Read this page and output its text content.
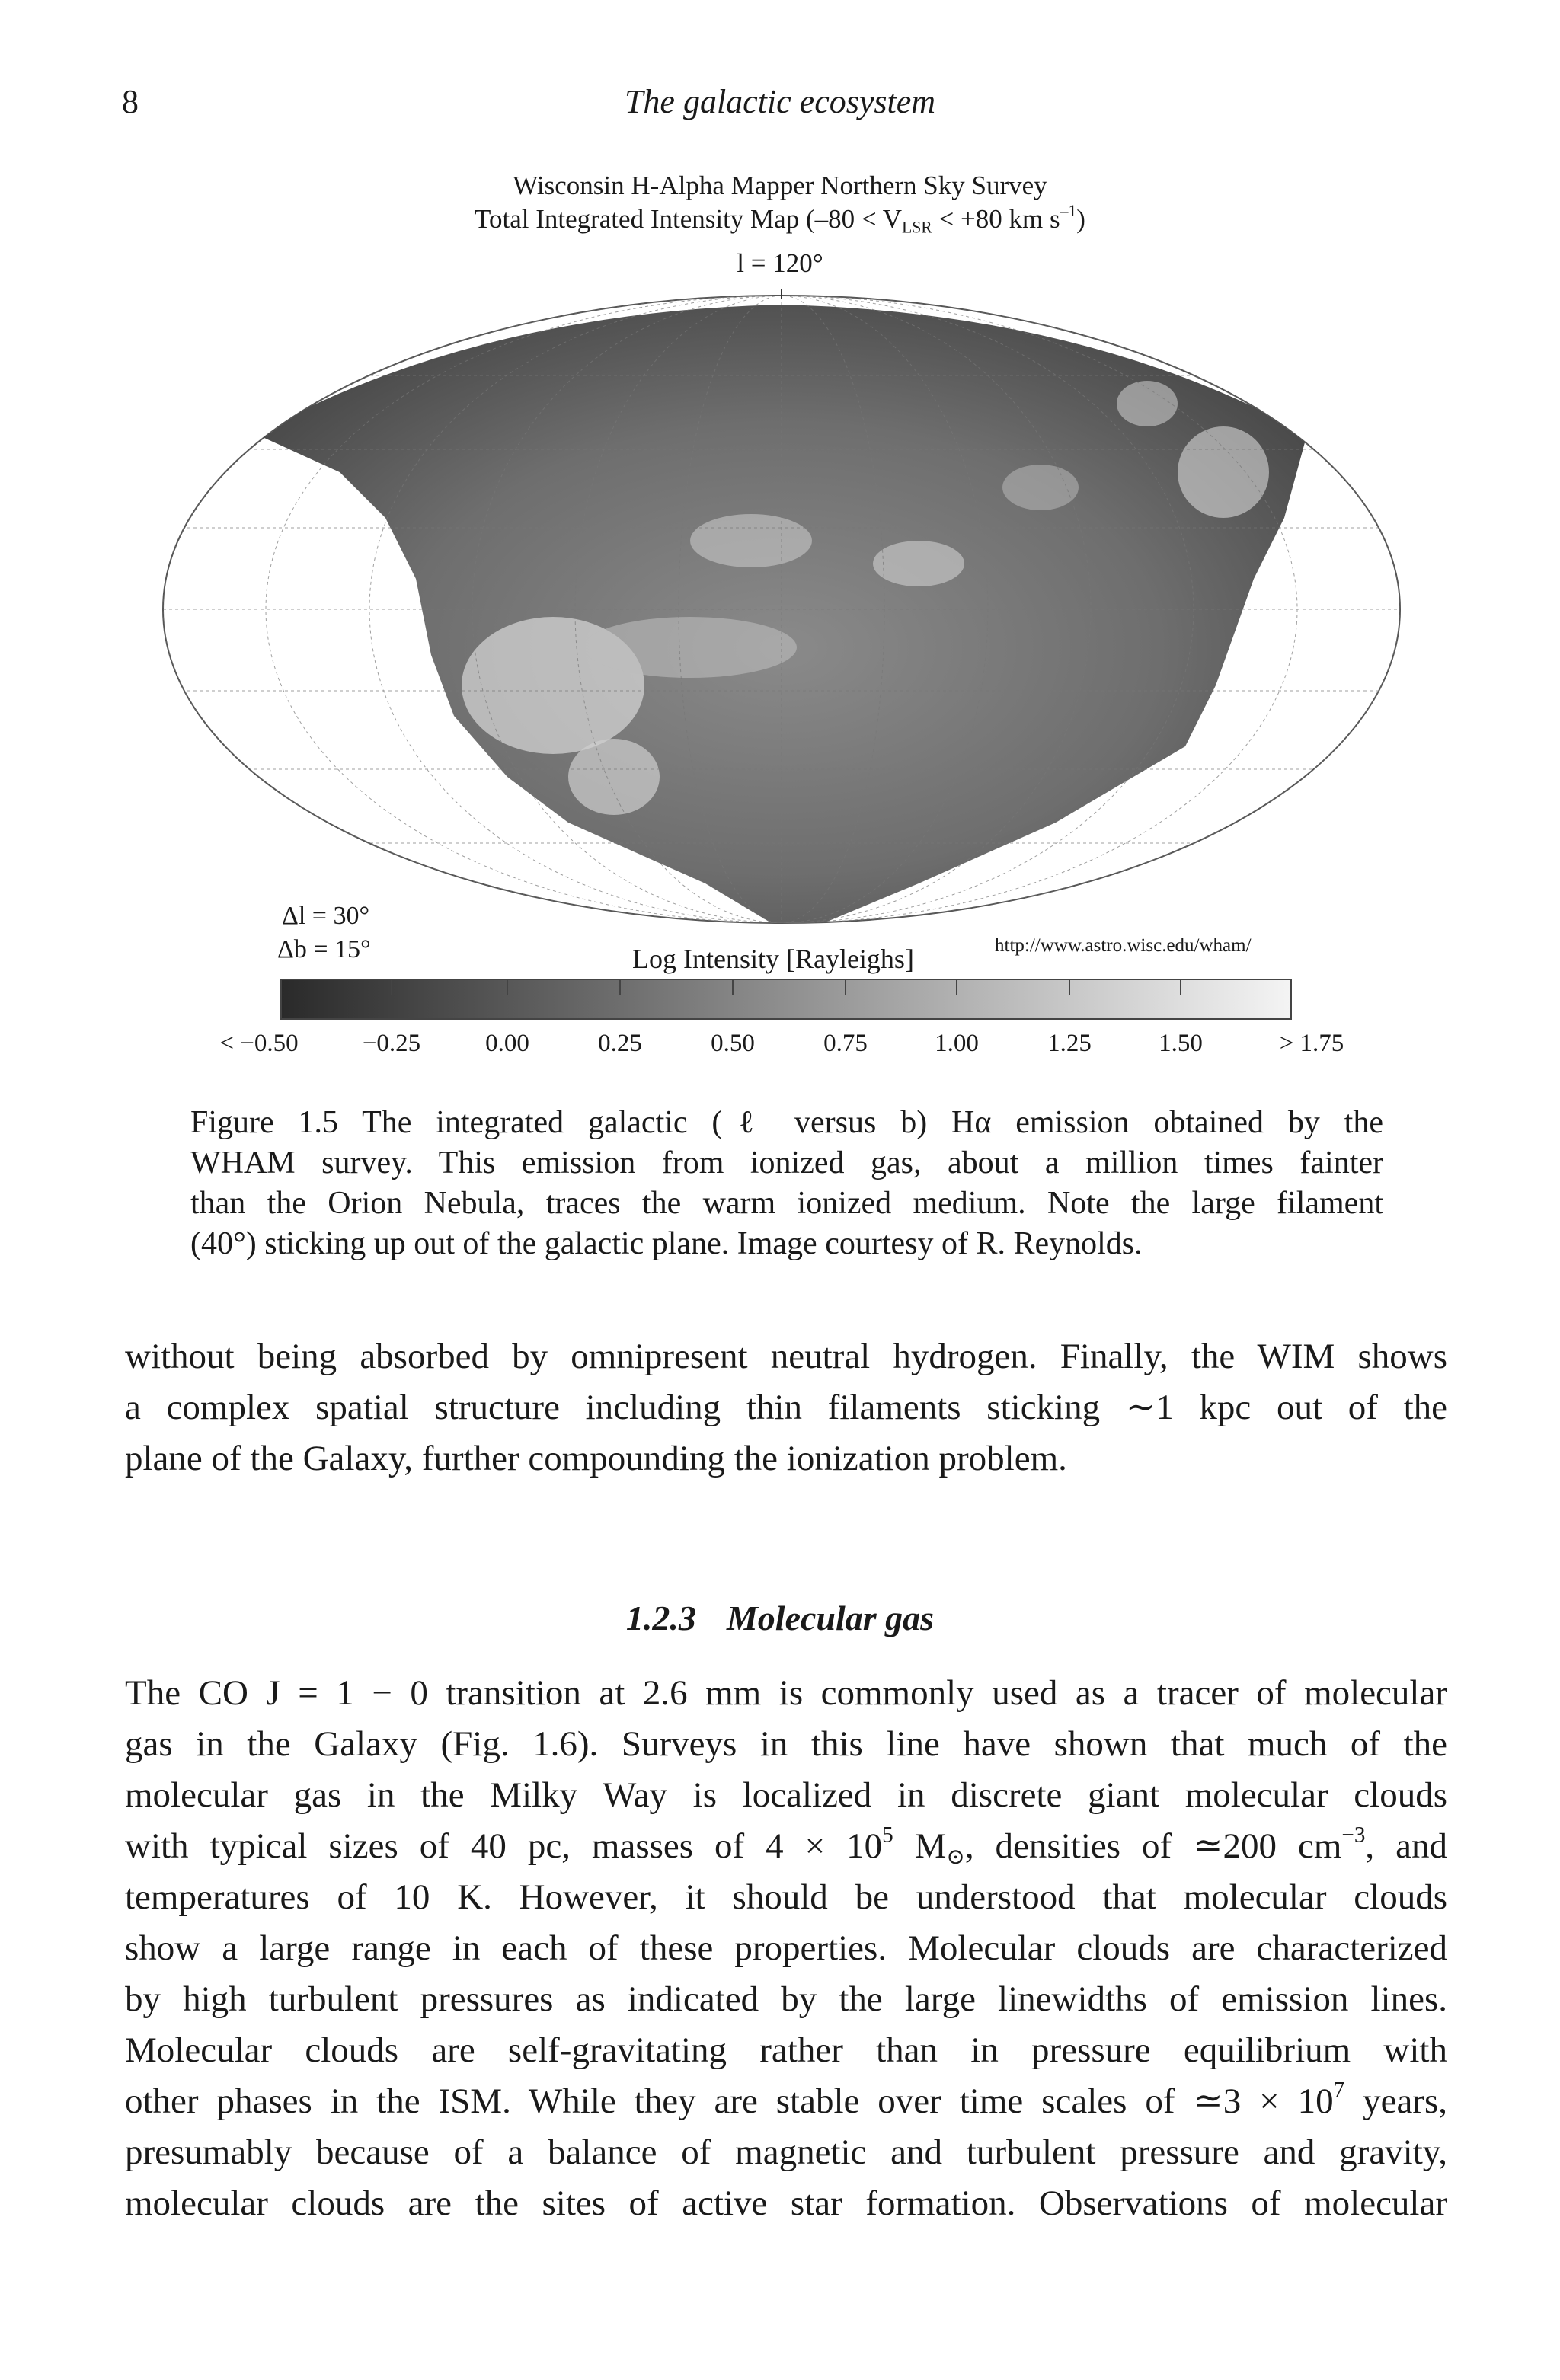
8	The galactic ecosystem
Wisconsin H-Alpha Mapper Northern Sky Survey
Total Integrated Intensity Map ($-80 < V_{LSR} < +80$ km $s^{-1}$)
l = 120°
Δl = 30°
Δb = 15°	Log Intensity [Rayleighs]	http://www.astro.wisc.edu/wham/
< −0.50	−0.25	0.00	0.25	0.50	0.75	1.00	1.25	1.50	> 1.75
Figure 1.5 The integrated galactic (ℓ versus b) Hα emission obtained by the
WHAM survey. This emission from ionized gas, about a million times fainter
than the Orion Nebula, traces the warm ionized medium. Note the large filament
(40°) sticking up out of the galactic plane. Image courtesy of R. Reynolds.
without being absorbed by omnipresent neutral hydrogen. Finally, the WIM shows
a complex spatial structure including thin filaments sticking ∼1 kpc out of the
plane of the Galaxy, further compounding the ionization problem.
1.2.3 Molecular gas
The CO J = 1 − 0 transition at 2.6 mm is commonly used as a tracer of molecular
gas in the Galaxy (Fig. 1.6). Surveys in this line have shown that much of the
molecular gas in the Milky Way is localized in discrete giant molecular clouds
with typical sizes of 40 pc, masses of $4 \times 10^5$ $M_⊙$, densities of ≃200 $cm^{-3}$, and
temperatures of 10 K. However, it should be understood that molecular clouds
show a large range in each of these properties. Molecular clouds are characterized
by high turbulent pressures as indicated by the large linewidths of emission lines.
Molecular clouds are self-gravitating rather than in pressure equilibrium with
other phases in the ISM. While they are stable over time scales of ≃3 × $10^7$ years,
presumably because of a balance of magnetic and turbulent pressure and gravity,
molecular clouds are the sites of active star formation. Observations of molecular
